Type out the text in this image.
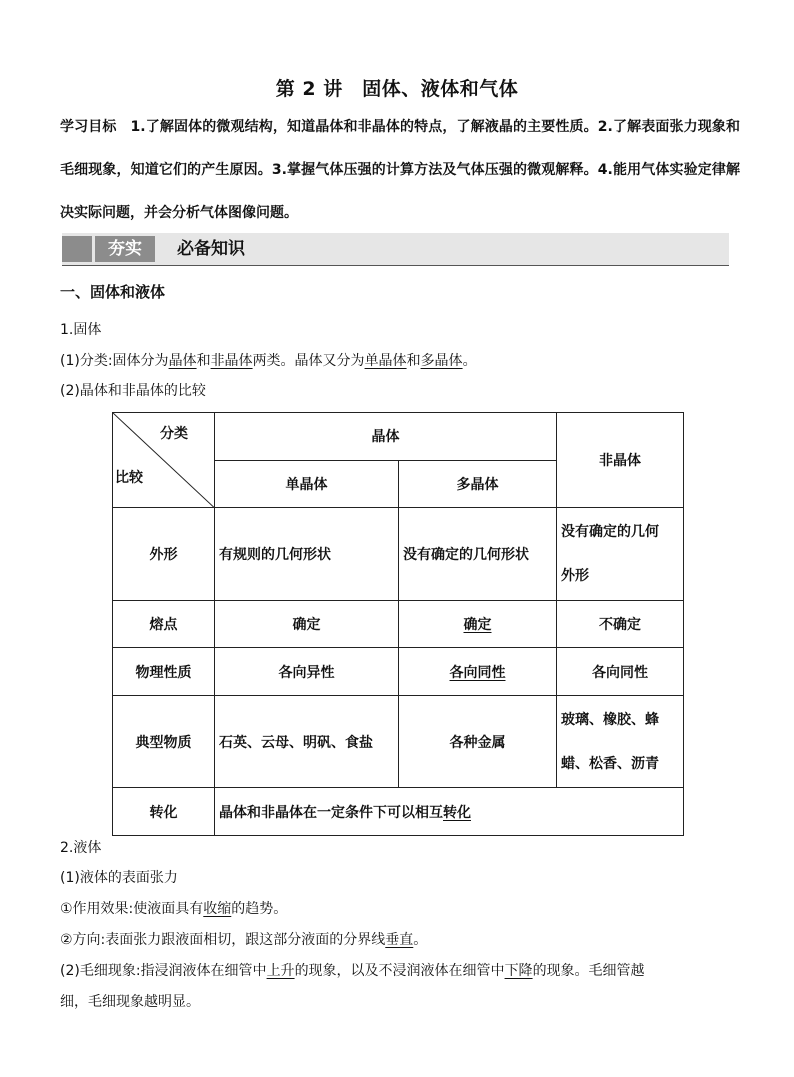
第 2 讲　固体、液体和气体
学习目标 1.了解固体的微观结构，知道晶体和非晶体的特点，了解液晶的主要性质。2.了解表面张力现象和毛细现象，知道它们的产生原因。3.掌握气体压强的计算方法及气体压强的微观解释。4.能用气体实验定律解决实际问题，并会分析气体图像问题。
夯实	必备知识
一、固体和液体
1.固体
(1)分类:固体分为晶体和非晶体两类。晶体又分为单晶体和多晶体。
(2)晶体和非晶体的比较
分类
比较	晶体		非晶体
	单晶体	多晶体	
外形	有规则的几何形状	没有确定的几何形状	没有确定的几何
外形
熔点	确定	确定	不确定
物理性质	各向异性	各向同性	各向同性
典型物质	石英、云母、明矾、食盐	各种金属	玻璃、橡胶、蜂
蜡、松香、沥青
转化	晶体和非晶体在一定条件下可以相互转化		
2.液体
(1)液体的表面张力
①作用效果:使液面具有收缩的趋势。
②方向:表面张力跟液面相切，跟这部分液面的分界线垂直。
(2)毛细现象:指浸润液体在细管中上升的现象，以及不浸润液体在细管中下降的现象。毛细管越
细，毛细现象越明显。
